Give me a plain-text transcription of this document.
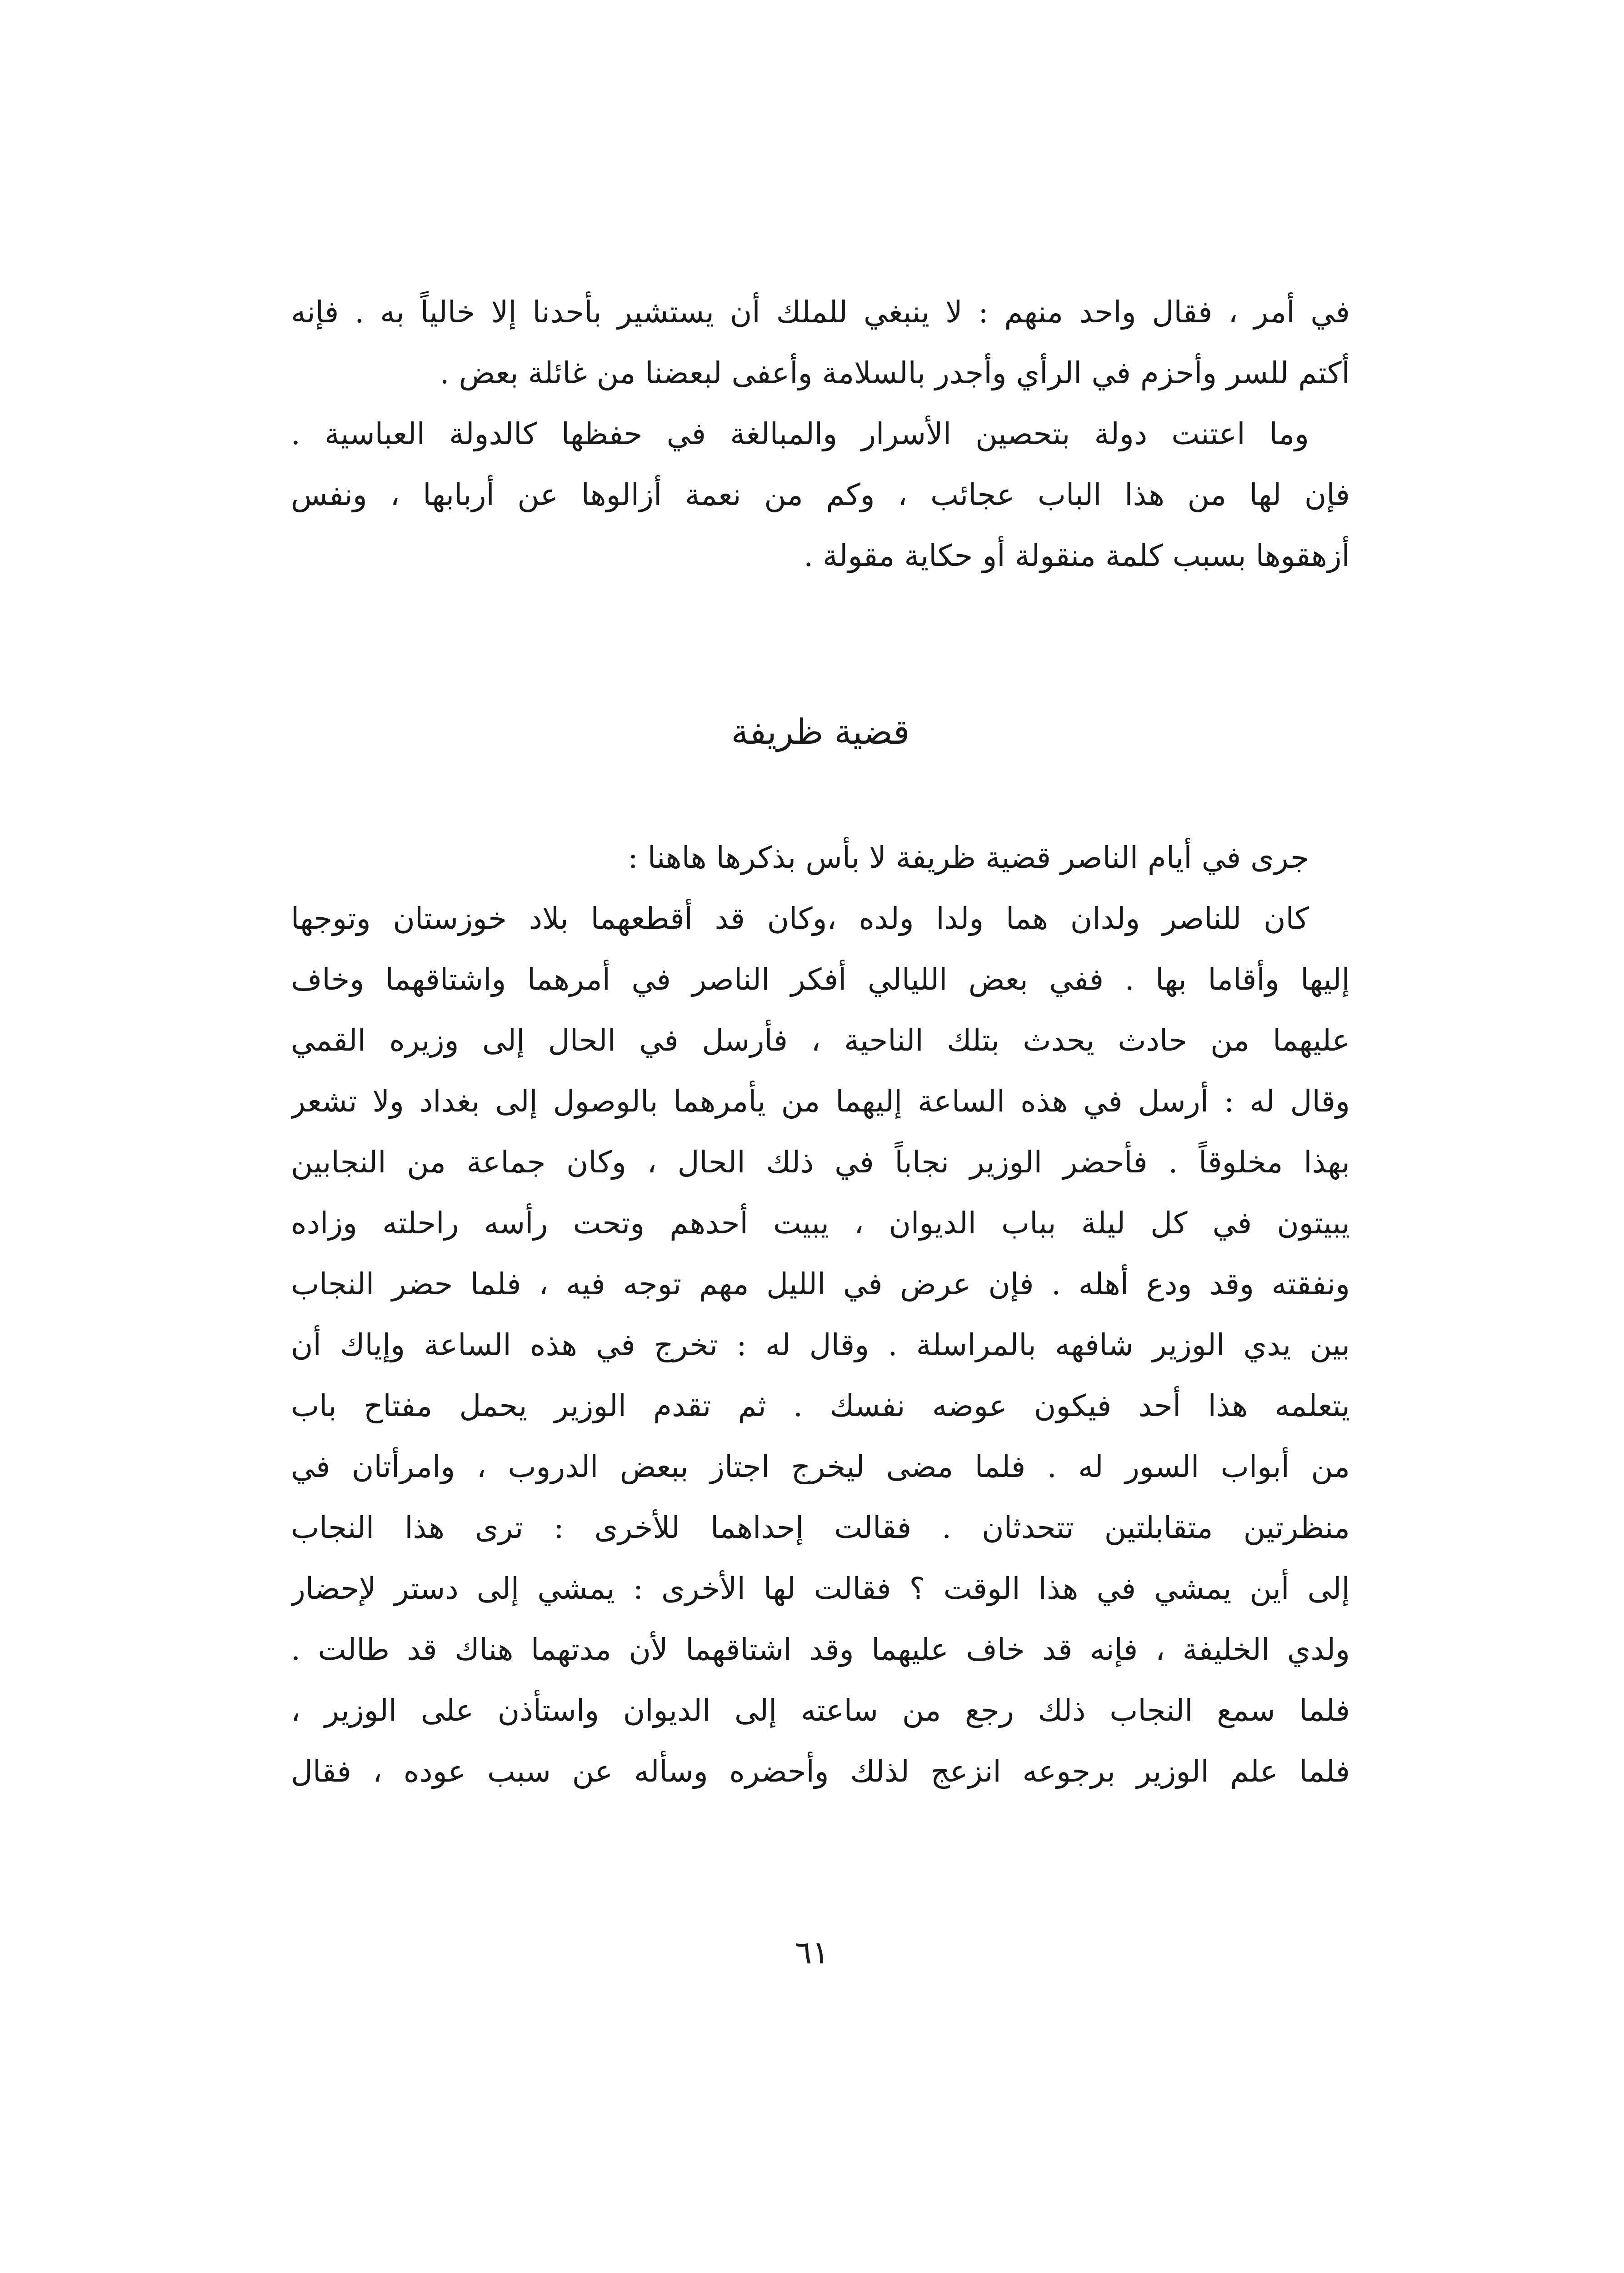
في أمر ، فقال واحد منهم : لا ينبغي للملك أن يستشير بأحدنا إلا خالياً به . فإنه
أكتم للسر وأحزم في الرأي وأجدر بالسلامة وأعفى لبعضنا من غائلة بعض .
وما اعتنت دولة بتحصين الأسرار والمبالغة في حفظها كالدولة العباسية .
فإن لها من هذا الباب عجائب ، وكم من نعمة أزالوها عن أربابها ، ونفس
أزهقوها بسبب كلمة منقولة أو حكاية مقولة .
قضية ظريفة
جرى في أيام الناصر قضية ظريفة لا بأس بذكرها هاهنا :
كان للناصر ولدان هما ولدا ولده ،وكان قد أقطعهما بلاد خوزستان وتوجها
إليها وأقاما بها . ففي بعض الليالي أفكر الناصر في أمرهما واشتاقهما وخاف
عليهما من حادث يحدث بتلك الناحية ، فأرسل في الحال إلى وزيره القمي
وقال له : أرسل في هذه الساعة إليهما من يأمرهما بالوصول إلى بغداد ولا تشعر
بهذا مخلوقاً . فأحضر الوزير نجاباً في ذلك الحال ، وكان جماعة من النجابين
يبيتون في كل ليلة بباب الديوان ، يبيت أحدهم وتحت رأسه راحلته وزاده
ونفقته وقد ودع أهله . فإن عرض في الليل مهم توجه فيه ، فلما حضر النجاب
بين يدي الوزير شافهه بالمراسلة . وقال له : تخرج في هذه الساعة وإياك أن
يتعلمه هذا أحد فيكون عوضه نفسك . ثم تقدم الوزير يحمل مفتاح باب
من أبواب السور له . فلما مضى ليخرج اجتاز ببعض الدروب ، وامرأتان في
منظرتين متقابلتين تتحدثان . فقالت إحداهما للأخرى : ترى هذا النجاب
إلى أين يمشي في هذا الوقت ؟ فقالت لها الأخرى : يمشي إلى دستر لإحضار
ولدي الخليفة ، فإنه قد خاف عليهما وقد اشتاقهما لأن مدتهما هناك قد طالت .
فلما سمع النجاب ذلك رجع من ساعته إلى الديوان واستأذن على الوزير ،
فلما علم الوزير برجوعه انزعج لذلك وأحضره وسأله عن سبب عوده ، فقال
٦١
